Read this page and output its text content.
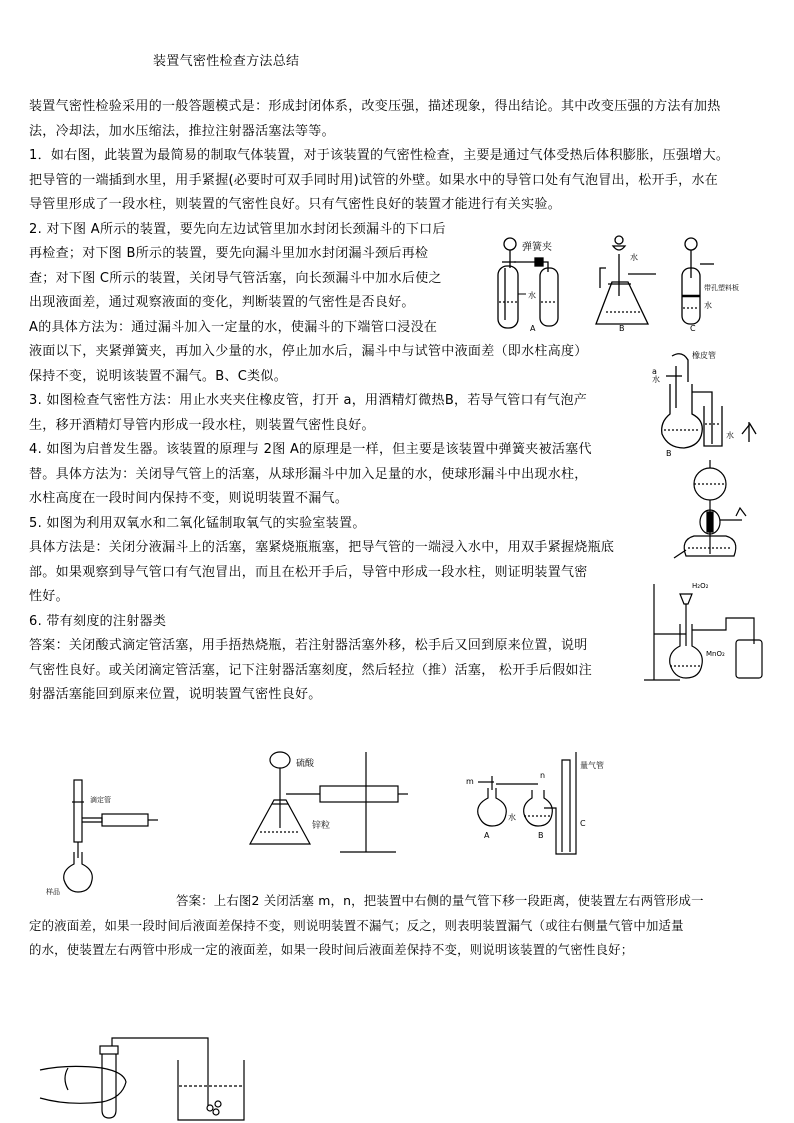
装置气密性检查方法总结
装置气密性检验采用的一般答题模式是：形成封闭体系，改变压强，描述现象，得出结论。其中改变压强的方法有加热
法，冷却法，加水压缩法，推拉注射器活塞法等等。
1．如右图，此装置为最简易的制取气体装置，对于该装置的气密性检查，主要是通过气体受热后体积膨胀，压强增大。
把导管的一端插到水里，用手紧握(必要时可双手同时用)试管的外壁。如果水中的导管口处有气泡冒出，松开手，水在
导管里形成了一段水柱，则装置的气密性良好。只有气密性良好的装置才能进行有关实验。
2. 对下图 A所示的装置，要先向左边试管里加水封闭长颈漏斗的下口后
再检查；对下图 B所示的装置，要先向漏斗里加水封闭漏斗颈后再检
查；对下图 C所示的装置，关闭导气管活塞，向长颈漏斗中加水后使之
出现液面差，通过观察液面的变化，判断装置的气密性是否良好。
A的具体方法为：通过漏斗加入一定量的水，使漏斗的下端管口浸没在
液面以下，夹紧弹簧夹，再加入少量的水，停止加水后，漏斗中与试管中液面差（即水柱高度）
保持不变，说明该装置不漏气。B、C类似。
3. 如图检查气密性方法：用止水夹夹住橡皮管，打开 a，用酒精灯微热B，若导气管口有气泡产
生，移开酒精灯导管内形成一段水柱，则装置气密性良好。
4. 如图为启普发生器。该装置的原理与 2图 A的原理是一样，但主要是该装置中弹簧夹被活塞代
替。具体方法为：关闭导气管上的活塞，从球形漏斗中加入足量的水，使球形漏斗中出现水柱，
水柱高度在一段时间内保持不变，则说明装置不漏气。
5. 如图为利用双氧水和二氧化锰制取氧气的实验室装置。
具体方法是：关闭分液漏斗上的活塞，塞紧烧瓶瓶塞，把导气管的一端浸入水中，用双手紧握烧瓶底
部。如果观察到导气管口有气泡冒出，而且在松开手后，导管中形成一段水柱，则证明装置气密
性好。
6. 带有刻度的注射器类
答案：关闭酸式滴定管活塞，用手捂热烧瓶，若注射器活塞外移，松手后又回到原来位置，说明
气密性良好。或关闭滴定管活塞，记下注射器活塞刻度，然后轻拉（推）活塞， 松开手后假如注
射器活塞能回到原来位置，说明装置气密性良好。
答案：上右图2 关闭活塞 m，n，把装置中右侧的量气管下移一段距离，使装置左右两管形成一
定的液面差，如果一段时间后液面差保持不变，则说明装置不漏气；反之，则表明装置漏气（或往右侧量气管中加适量
的水，使装置左右两管中形成一定的液面差，如果一段时间后液面差保持不变，则说明该装置的气密性良好；
弹簧夹
水
A
水
B
带孔塑料板
水
C
橡皮管
a
水
水
B
H₂O₂
MnO₂
滴定管
样品
硫酸
锌粒
量气管
m
n
水
A	B
C
